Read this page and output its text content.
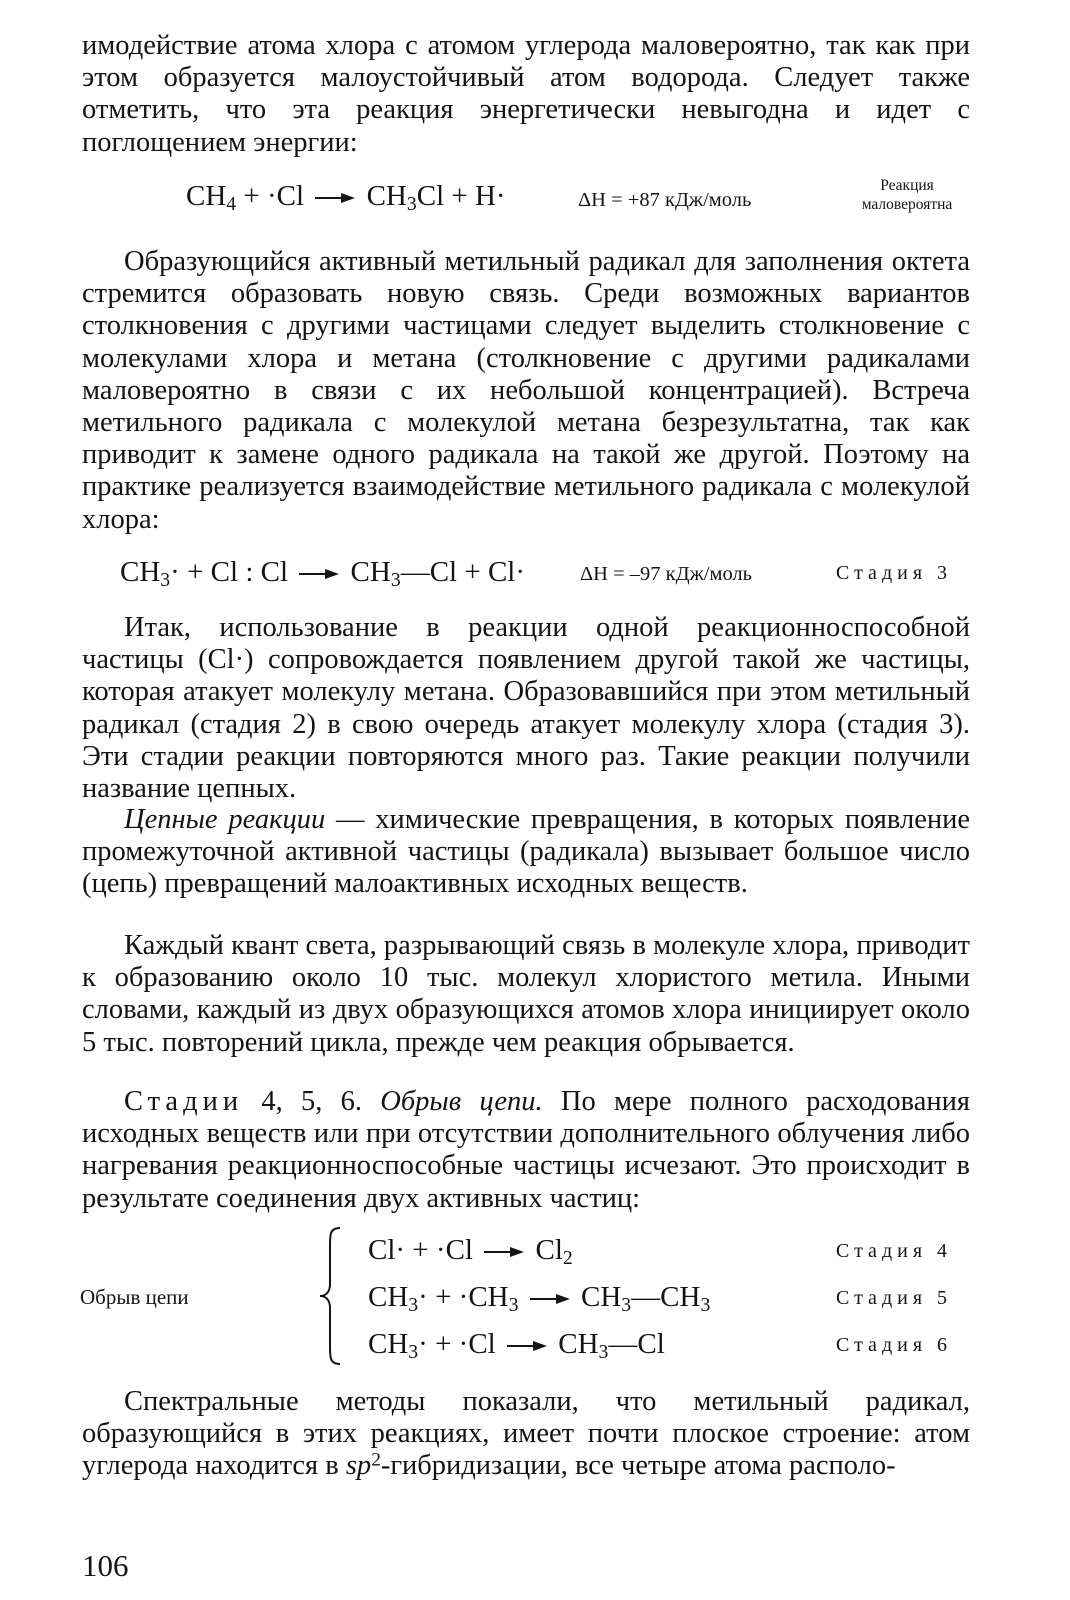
имодействие атома хлора с атомом углерода маловероятно, так как при этом образуется малоустойчивый атом водорода. Следует также отметить, что эта реакция энергетически невыгодна и идет с поглощением энергии:

$CH_4 + \cdot Cl \to CH_3Cl + H\cdot$	ΔH = +87 кДж/моль
Реакция
маловероятна

Образующийся активный метильный радикал для заполнения октета стремится образовать новую связь. Среди возможных вариантов столкновения с другими частицами следует выделить столкновение с молекулами хлора и метана (столкновение с другими радикалами маловероятно в связи с их небольшой концентрацией). Встреча метильного радикала с молекулой метана безрезультатна, так как приводит к замене одного радикала на такой же другой. Поэтому на практике реализуется взаимодействие метильного радикала с молекулой хлора:

$CH_3\cdot + Cl$ : $Cl \to CH_3—Cl + Cl\cdot$	ΔH = –97 кДж/моль	Стадия 3

Итак, использование в реакции одной реакционноспособной частицы (Cl·) сопровождается появлением другой такой же частицы, которая атакует молекулу метана. Образовавшийся при этом метильный радикал (стадия 2) в свою очередь атакует молекулу хлора (стадия 3). Эти стадии реакции повторяются много раз. Такие реакции получили название цепных.

Цепные реакции — химические превращения, в которых появление промежуточной активной частицы (радикала) вызывает большое число (цепь) превращений малоактивных исходных веществ.

Каждый квант света, разрывающий связь в молекуле хлора, приводит к образованию около 10 тыс. молекул хлористого метила. Иными словами, каждый из двух образующихся атомов хлора инициирует около 5 тыс. повторений цикла, прежде чем реакция обрывается.

Стадии 4, 5, 6. Обрыв цепи. По мере полного расходования исходных веществ или при отсутствии дополнительного облучения либо нагревания реакционноспособные частицы исчезают. Это происходит в результате соединения двух активных частиц:

Обрыв цепи
$Cl\cdot + \cdot Cl \to Cl_2$	Стадия 4
$CH_3\cdot + \cdot CH_3$ → $CH_3—CH_3$	Стадия 5
$CH_3\cdot + \cdot Cl$ → $CH_3—Cl$	Стадия 6

Спектральные методы показали, что метильный радикал, образующийся в этих реакциях, имеет почти плоское строение: атом углерода находится в $sp^2$-гибридизации, все четыре атома располо-

106
